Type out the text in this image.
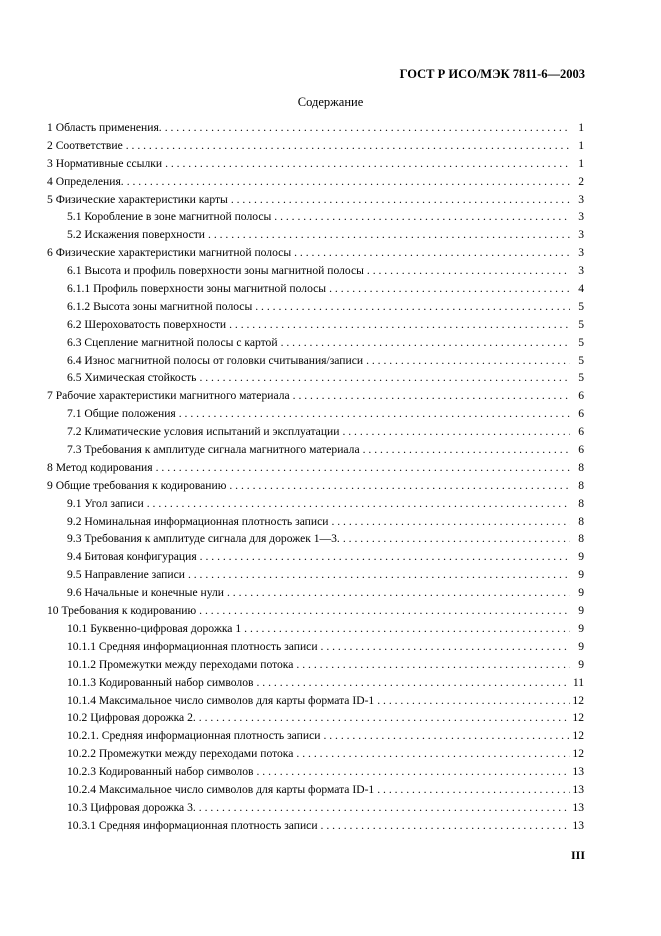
ГОСТ Р ИСО/МЭК 7811-6—2003
Содержание
1 Область применения. . . .	1
2 Соответствие . . .	1
3 Нормативные ссылки . . .	1
4 Определения. . . .	2
5 Физические характеристики карты . . .	3
5.1 Коробление в зоне магнитной полосы . . .	3
5.2 Искажения поверхности . . .	3
6 Физические характеристики магнитной полосы . . .	3
6.1 Высота и профиль поверхности зоны магнитной полосы . . .	3
6.1.1 Профиль поверхности зоны магнитной полосы . . .	4
6.1.2 Высота зоны магнитной полосы . . .	5
6.2 Шероховатость поверхности . . .	5
6.3 Сцепление магнитной полосы с картой . . .	5
6.4 Износ магнитной полосы от головки считывания/записи . . .	5
6.5 Химическая стойкость . . .	5
7 Рабочие характеристики магнитного материала . . .	6
7.1 Общие положения . . .	6
7.2 Климатические условия испытаний и эксплуатации . . .	6
7.3 Требования к амплитуде сигнала магнитного материала . . .	6
8 Метод кодирования . . .	8
9 Общие требования к кодированию . . .	8
9.1 Угол записи . . .	8
9.2 Номинальная информационная плотность записи . . .	8
9.3 Требования к амплитуде сигнала для дорожек 1—3. . . .	8
9.4 Битовая конфигурация . . .	9
9.5 Направление записи . . .	9
9.6 Начальные и конечные нули . . .	9
10 Требования к кодированию . . .	9
10.1 Буквенно-цифровая дорожка 1 . . .	9
10.1.1 Средняя информационная плотность записи . . .	9
10.1.2 Промежутки между переходами потока . . .	9
10.1.3 Кодированный набор символов . . .	11
10.1.4 Максимальное число символов для карты формата ID-1 . . .	12
10.2 Цифровая дорожка 2. . . .	12
10.2.1. Средняя информационная плотность записи . . .	12
10.2.2 Промежутки между переходами потока . . .	12
10.2.3 Кодированный набор символов . . .	13
10.2.4 Максимальное число символов для карты формата ID-1 . . .	13
10.3 Цифровая дорожка 3. . . .	13
10.3.1 Средняя информационная плотность записи . . .	13
III
